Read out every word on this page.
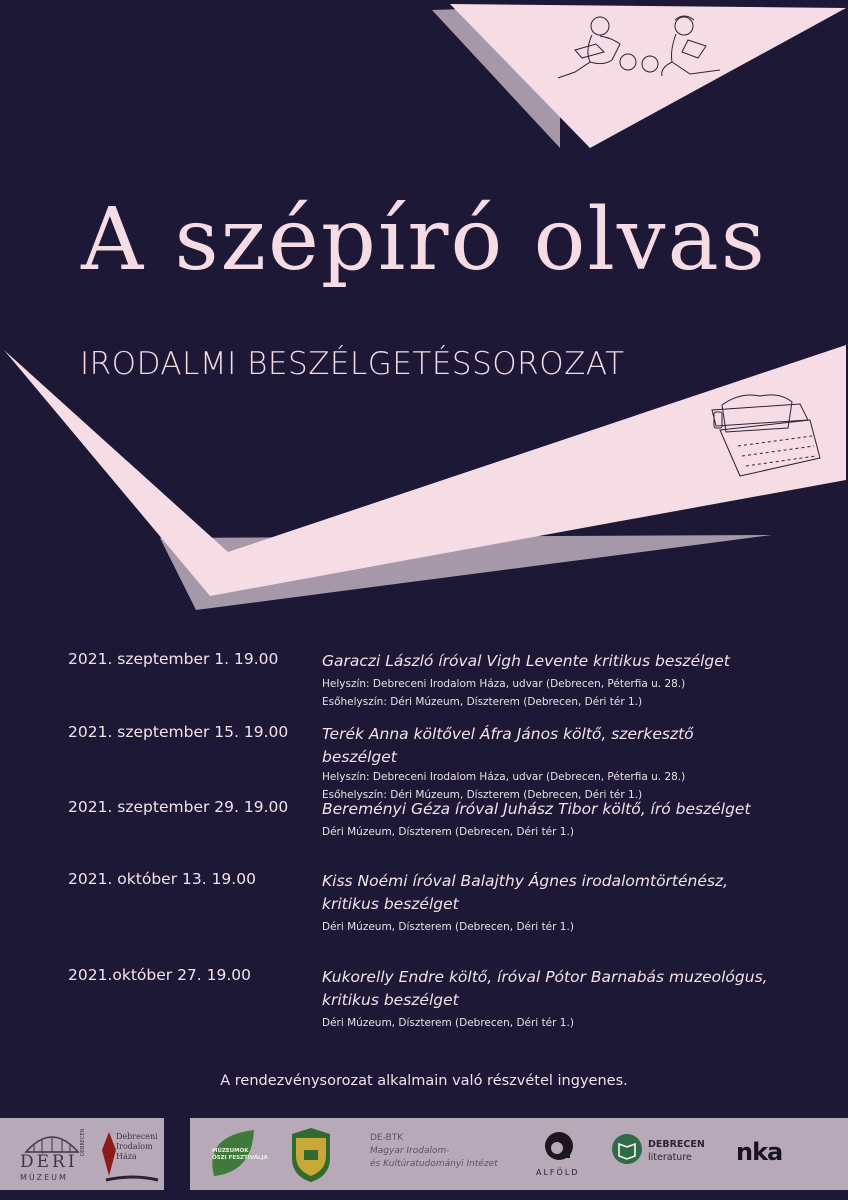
A szépíró olvas
IRODALMI BESZÉLGETÉSSOROZAT
2021. szeptember 1. 19.00	Garaczi László íróval Vigh Levente kritikus beszélget
Helyszín: Debreceni Irodalom Háza, udvar (Debrecen, Péterfia u. 28.)
Esőhelyszín: Déri Múzeum, Díszterem (Debrecen, Déri tér 1.)
2021. szeptember 15. 19.00 Terék Anna költővel Áfra János költő, szerkesztő beszélget
Helyszín: Debreceni Irodalom Háza, udvar (Debrecen, Péterfia u. 28.)
Esőhelyszín: Déri Múzeum, Díszterem (Debrecen, Déri tér 1.)
2021. szeptember 29. 19.00 Bereményi Géza íróval Juhász Tibor költő, író beszélget
Déri Múzeum, Díszterem (Debrecen, Déri tér 1.)
2021. október 13. 19.00	Kiss Noémi íróval Balajthy Ágnes irodalomtörténész, kritikus beszélget
Déri Múzeum, Díszterem (Debrecen, Déri tér 1.)
2021.október 27. 19.00	Kukorelly Endre költő, íróval Pótor Barnabás muzeológus, kritikus beszélget
Déri Múzeum, Díszterem (Debrecen, Déri tér 1.)
A rendezvénysorozat alkalmain való részvétel ingyenes.
DÉRI
MÚZEUM
DEBRECEN	Debreceni
Irodalom
Háza
MÚZEUMOK
ŐSZI FESZTIVÁLJA
DE-BTK
Magyar Irodalom-
és Kultúratudományi Intézet
ALFÖLD
DEBRECEN
literature	nka
